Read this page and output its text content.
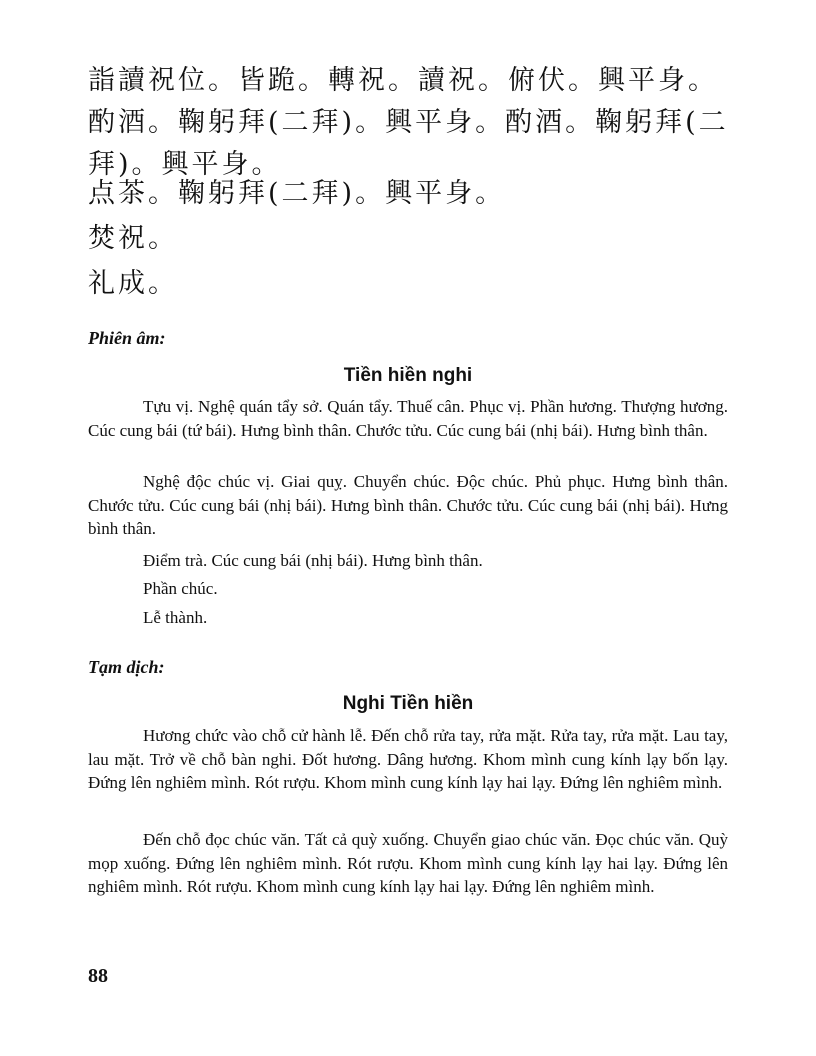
詣讀祝位。皆跪。轉祝。讀祝。俯伏。興平身。酌酒。鞠躬拜(二拜)。興平身。酌酒。鞠躬拜(二拜)。興平身。

点茶。鞠躬拜(二拜)。興平身。

焚祝。

礼成。

Phiên âm:

Tiền hiền nghi

Tựu vị. Nghệ quán tẩy sở. Quán tẩy. Thuế cân. Phục vị. Phần hương. Thượng hương. Cúc cung bái (tứ bái). Hưng bình thân. Chước tửu. Cúc cung bái (nhị bái). Hưng bình thân.

Nghệ độc chúc vị. Giai quỵ. Chuyển chúc. Độc chúc. Phủ phục. Hưng bình thân. Chước tửu. Cúc cung bái (nhị bái). Hưng bình thân. Chước tửu. Cúc cung bái (nhị bái). Hưng bình thân.

Điểm trà. Cúc cung bái (nhị bái). Hưng bình thân.

Phần chúc.

Lễ thành.

Tạm dịch:

Nghi Tiền hiền

Hương chức vào chỗ cử hành lễ. Đến chỗ rửa tay, rửa mặt. Rửa tay, rửa mặt. Lau tay, lau mặt. Trở về chỗ bàn nghi. Đốt hương. Dâng hương. Khom mình cung kính lạy bốn lạy. Đứng lên nghiêm mình. Rót rượu. Khom mình cung kính lạy hai lạy. Đứng lên nghiêm mình.

Đến chỗ đọc chúc văn. Tất cả quỳ xuống. Chuyển giao chúc văn. Đọc chúc văn. Quỳ mọp xuống. Đứng lên nghiêm mình. Rót rượu. Khom mình cung kính lạy hai lạy. Đứng lên nghiêm mình. Rót rượu. Khom mình cung kính lạy hai lạy. Đứng lên nghiêm mình.

88
